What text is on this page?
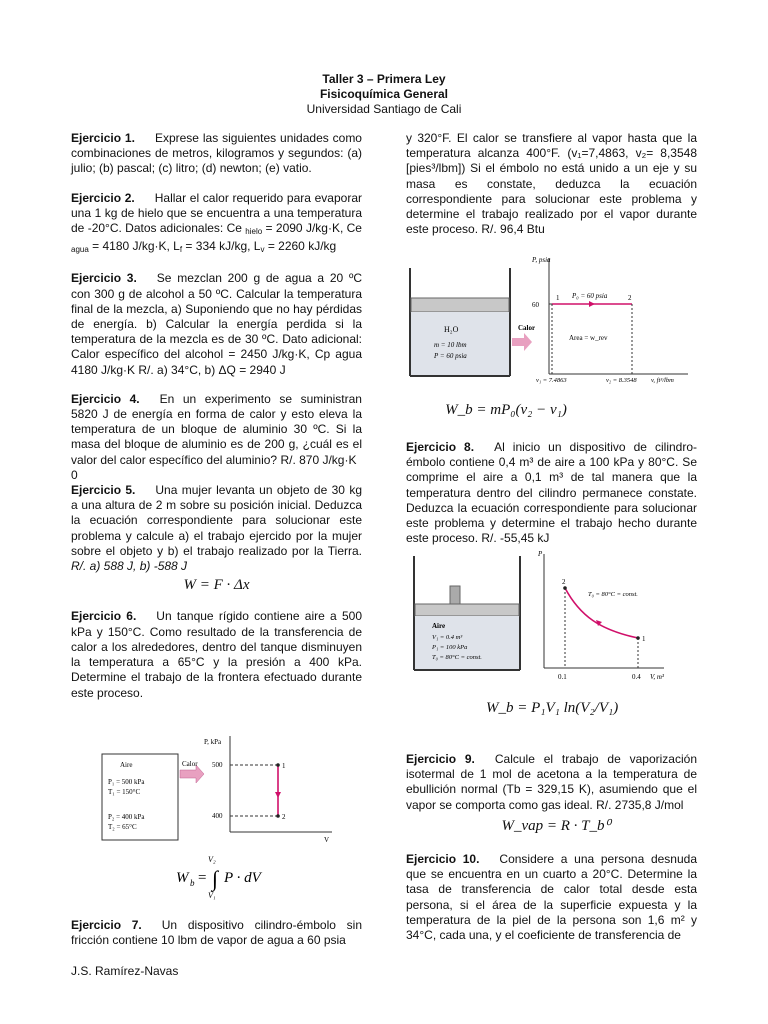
Taller 3 – Primera Ley
Fisicoquímica General
Universidad Santiago de Cali

Ejercicio 1. Exprese las siguientes unidades como combinaciones de metros, kilogramos y segundos: (a) julio; (b) pascal; (c) litro; (d) newton; (e) vatio.

Ejercicio 2. Hallar el calor requerido para evaporar una 1 kg de hielo que se encuentra a una temperatura de -20°C. Datos adicionales: Ce $_{hielo}$ = 2090 J/kg·K, Ce $_{agua}$ = 4180 J/kg·K, $L_f = 334$ kJ/kg, $L_v = 2260$ kJ/kg

Ejercicio 3. Se mezclan 200 g de agua a 20 ºC con 300 g de alcohol a 50 ºC. Calcular la temperatura final de la mezcla, a) Suponiendo que no hay pérdidas de energía. b) Calcular la energía perdida si la temperatura de la mezcla es de 30 ºC. Dato adicional: Calor específico del alcohol = 2450 J/kg·K, Cp agua 4180 J/kg·K R/. a) 34°C, b) ΔQ = 2940 J

Ejercicio 4. En un experimento se suministran 5820 J de energía en forma de calor y esto eleva la temperatura de un bloque de aluminio 30 ºC. Si la masa del bloque de aluminio es de 200 g, ¿cuál es el valor del calor específico del aluminio? R/. 870 J/kg·K

0

Ejercicio 5. Una mujer levanta un objeto de 30 kg a una altura de 2 m sobre su posición inicial. Deduzca la ecuación correspondiente para solucionar este problema y calcule a) el trabajo ejercido por la mujer sobre el objeto y b) el trabajo realizado por la Tierra. R/. a) 588 J, b) -588 J

W = F · Δx

Ejercicio 6. Un tanque rígido contiene aire a 500 kPa y 150°C. Como resultado de la transferencia de calor a los alrededores, dentro del tanque disminuyen la temperatura a 65°C y la presión a 400 kPa. Determine el trabajo de la frontera efectuado durante este proceso.

Aire
P₁ = 500 kPa
T₁ = 150°C
P₂ = 400 kPa
T₂ = 65°C
Calor
P, kPa
V
500
400
1
2
W b =
V₂
∫
V₁
P · dV
Ejercicio 7. Un dispositivo cilindro-émbolo sin fricción contiene 10 lbm de vapor de agua a 60 psia
y 320°F. El calor se transfiere al vapor hasta que la temperatura alcanza 400°F. (v₁=7,4863, v₂= 8,3548 [pies³/lbm]) Si el émbolo no está unido a un eje y su masa es constate, deduzca la ecuación correspondiente para solucionar este problema y determine el trabajo realizado por el vapor durante este proceso. R/. 96,4 Btu
H₂O
m = 10 lbm
P = 60 psia
Calor
P, psia
60
1	2
P₀ = 60 psia
Area = w_rev
v₁ = 7.4863	v₂ = 8.3548 v, ft³/lbm
W_b = mP₀(v₂ − v₁)
Ejercicio 8. Al inicio un dispositivo de cilindro-émbolo contiene 0,4 m³ de aire a 100 kPa y 80°C. Se comprime el aire a 0,1 m³ de tal manera que la temperatura dentro del cilindro permanece constate. Deduzca la ecuación correspondiente para solucionar este problema y determine el trabajo hecho durante este proceso. R/. -55,45 kJ
Aire
V₁ = 0.4 m³
P₁ = 100 kPa
T₀ = 80°C = const.
P
2
1
T₀ = 80°C = const.
0.1	0.4 V, m³
W_b = P₁V₁ ln(V₂/V₁)
Ejercicio 9. Calcule el trabajo de vaporización isotermal de 1 mol de acetona a la temperatura de ebullición normal (Tb = 329,15 K), asumiendo que el vapor se comporta como gas ideal. R/. 2735,8 J/mol
W_vap = R · T_b⁰
Ejercicio 10. Considere a una persona desnuda que se encuentra en un cuarto a 20°C. Determine la tasa de transferencia de calor total desde esta persona, si el área de la superficie expuesta y la temperatura de la piel de la persona son 1,6 m² y 34°C, cada una, y el coeficiente de transferencia de
J.S. Ramírez-Navas
